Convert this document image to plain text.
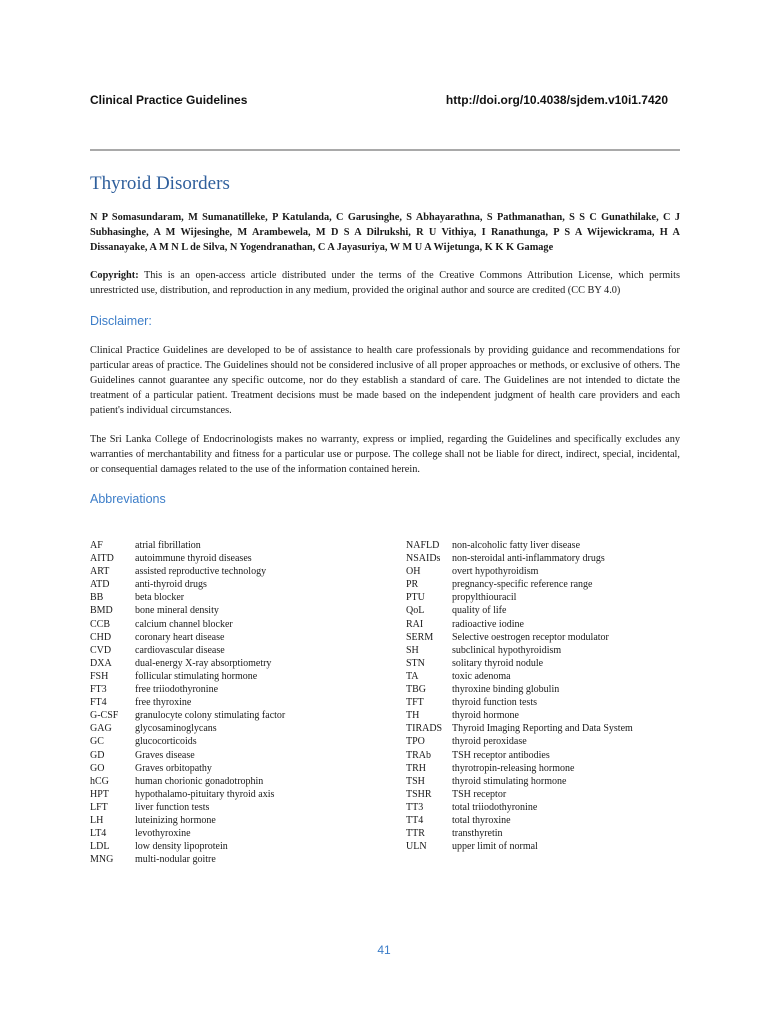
Clinical Practice Guidelines	http://doi.org/10.4038/sjdem.v10i1.7420
Thyroid Disorders
N P Somasundaram, M Sumanatilleke, P Katulanda, C Garusinghe, S Abhayarathna, S Pathmanathan, S S C Gunathilake, C J Subhasinghe, A M Wijesinghe, M Arambewela, M D S A Dilrukshi, R U Vithiya, I Ranathunga, P S A Wijewickrama, H A Dissanayake, A M N L de Silva, N Yogendranathan, C A Jayasuriya, W M U A Wijetunga, K K K Gamage
Copyright: This is an open-access article distributed under the terms of the Creative Commons Attribution License, which permits unrestricted use, distribution, and reproduction in any medium, provided the original author and source are credited (CC BY 4.0)
Disclaimer:
Clinical Practice Guidelines are developed to be of assistance to health care professionals by providing guidance and recommendations for particular areas of practice. The Guidelines should not be considered inclusive of all proper approaches or methods, or exclusive of others. The Guidelines cannot guarantee any specific outcome, nor do they establish a standard of care. The Guidelines are not intended to dictate the treatment of a particular patient. Treatment decisions must be made based on the independent judgment of health care providers and each patient's individual circumstances.
The Sri Lanka College of Endocrinologists makes no warranty, express or implied, regarding the Guidelines and specifically excludes any warranties of merchantability and fitness for a particular use or purpose. The college shall not be liable for direct, indirect, special, incidental, or consequential damages related to the use of the information contained herein.
Abbreviations
AF	atrial fibrillation
AITD autoimmune thyroid diseases
ART	assisted reproductive technology
ATD	anti-thyroid drugs
BB	beta blocker
BMD bone mineral density
CCB calcium channel blocker
CHD coronary heart disease
CVD cardiovascular disease
DXA dual-energy X-ray absorptiometry
FSH	follicular stimulating hormone
FT3	free triiodothyronine
FT4	free thyroxine
G-CSF granulocyte colony stimulating factor
GAG glycosaminoglycans
GC	glucocorticoids
GD	Graves disease
GO	Graves orbitopathy
hCG	human chorionic gonadotrophin
HPT	hypothalamo-pituitary thyroid axis
LFT	liver function tests
LH	luteinizing hormone
LT4	levothyroxine
LDL	low density lipoprotein
MNG multi-nodular goitre
NAFLD non-alcoholic fatty liver disease
NSAIDs non-steroidal anti-inflammatory drugs
OH	overt hypothyroidism
PR	pregnancy-specific reference range
PTU	propylthiouracil
QoL	quality of life
RAI	radioactive iodine
SERM Selective oestrogen receptor modulator
SH	subclinical hypothyroidism
STN	solitary thyroid nodule
TA	toxic adenoma
TBG	thyroxine binding globulin
TFT	thyroid function tests
TH	thyroid hormone
TIRADS Thyroid Imaging Reporting and Data System
TPO	thyroid peroxidase
TRAb TSH receptor antibodies
TRH	thyrotropin-releasing hormone
TSH	thyroid stimulating hormone
TSHR TSH receptor
TT3	total triiodothyronine
TT4	total thyroxine
TTR	transthyretin
ULN	upper limit of normal
41
